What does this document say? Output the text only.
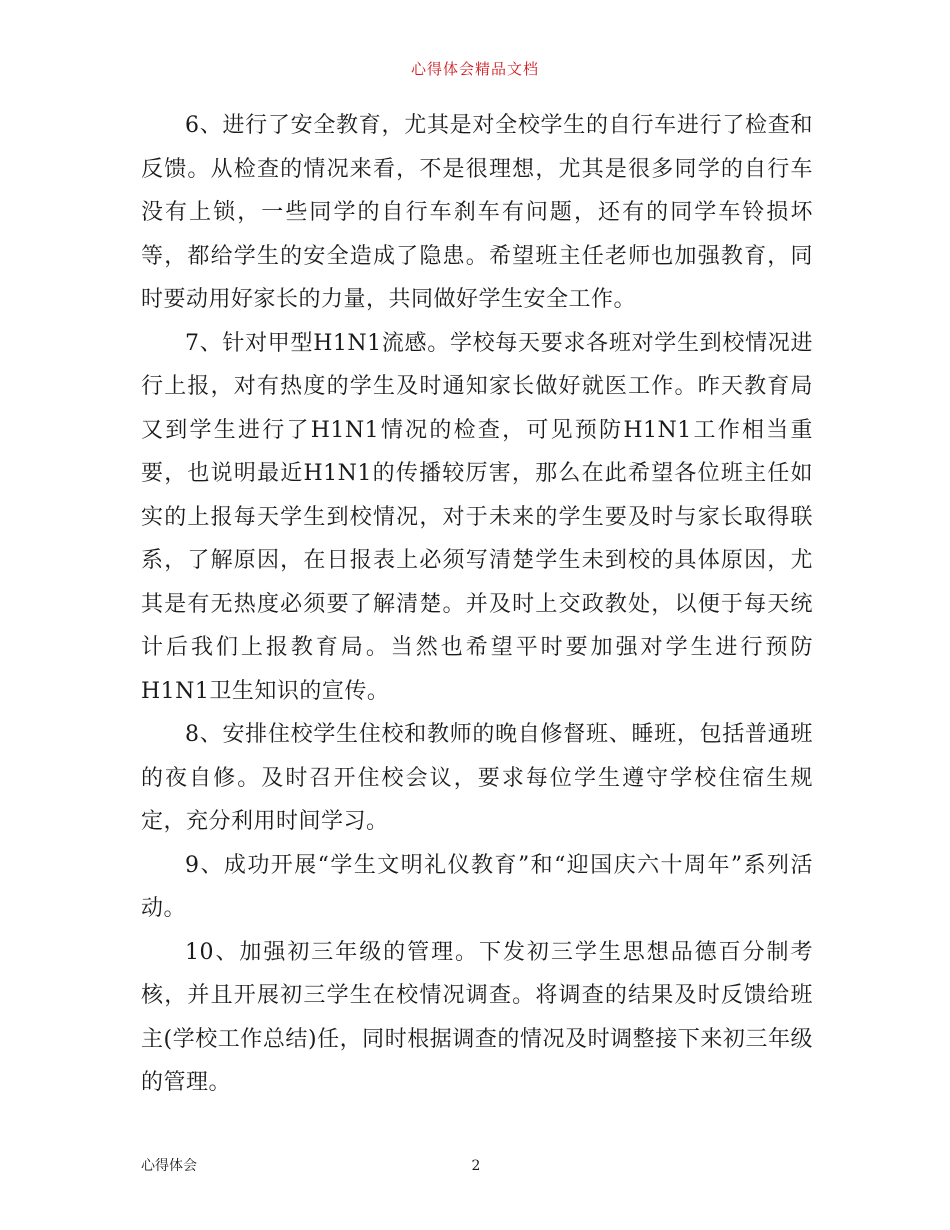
心得体会精品文档

6、进行了安全教育，尤其是对全校学生的自行车进行了检查和反馈。从检查的情况来看，不是很理想，尤其是很多同学的自行车没有上锁，一些同学的自行车刹车有问题，还有的同学车铃损坏等，都给学生的安全造成了隐患。希望班主任老师也加强教育，同时要动用好家长的力量，共同做好学生安全工作。

7、针对甲型H1N1流感。学校每天要求各班对学生到校情况进行上报，对有热度的学生及时通知家长做好就医工作。昨天教育局又到学生进行了H1N1情况的检查，可见预防H1N1工作相当重要，也说明最近H1N1的传播较厉害，那么在此希望各位班主任如实的上报每天学生到校情况，对于未来的学生要及时与家长取得联系，了解原因，在日报表上必须写清楚学生未到校的具体原因，尤其是有无热度必须要了解清楚。并及时上交政教处，以便于每天统计后我们上报教育局。当然也希望平时要加强对学生进行预防H1N1卫生知识的宣传。

8、安排住校学生住校和教师的晚自修督班、睡班，包括普通班的夜自修。及时召开住校会议，要求每位学生遵守学校住宿生规定，充分利用时间学习。

9、成功开展“学生文明礼仪教育”和“迎国庆六十周年”系列活动。

10、加强初三年级的管理。下发初三学生思想品德百分制考核，并且开展初三学生在校情况调查。将调查的结果及时反馈给班主(学校工作总结)任，同时根据调查的情况及时调整接下来初三年级的管理。

心得体会	2
